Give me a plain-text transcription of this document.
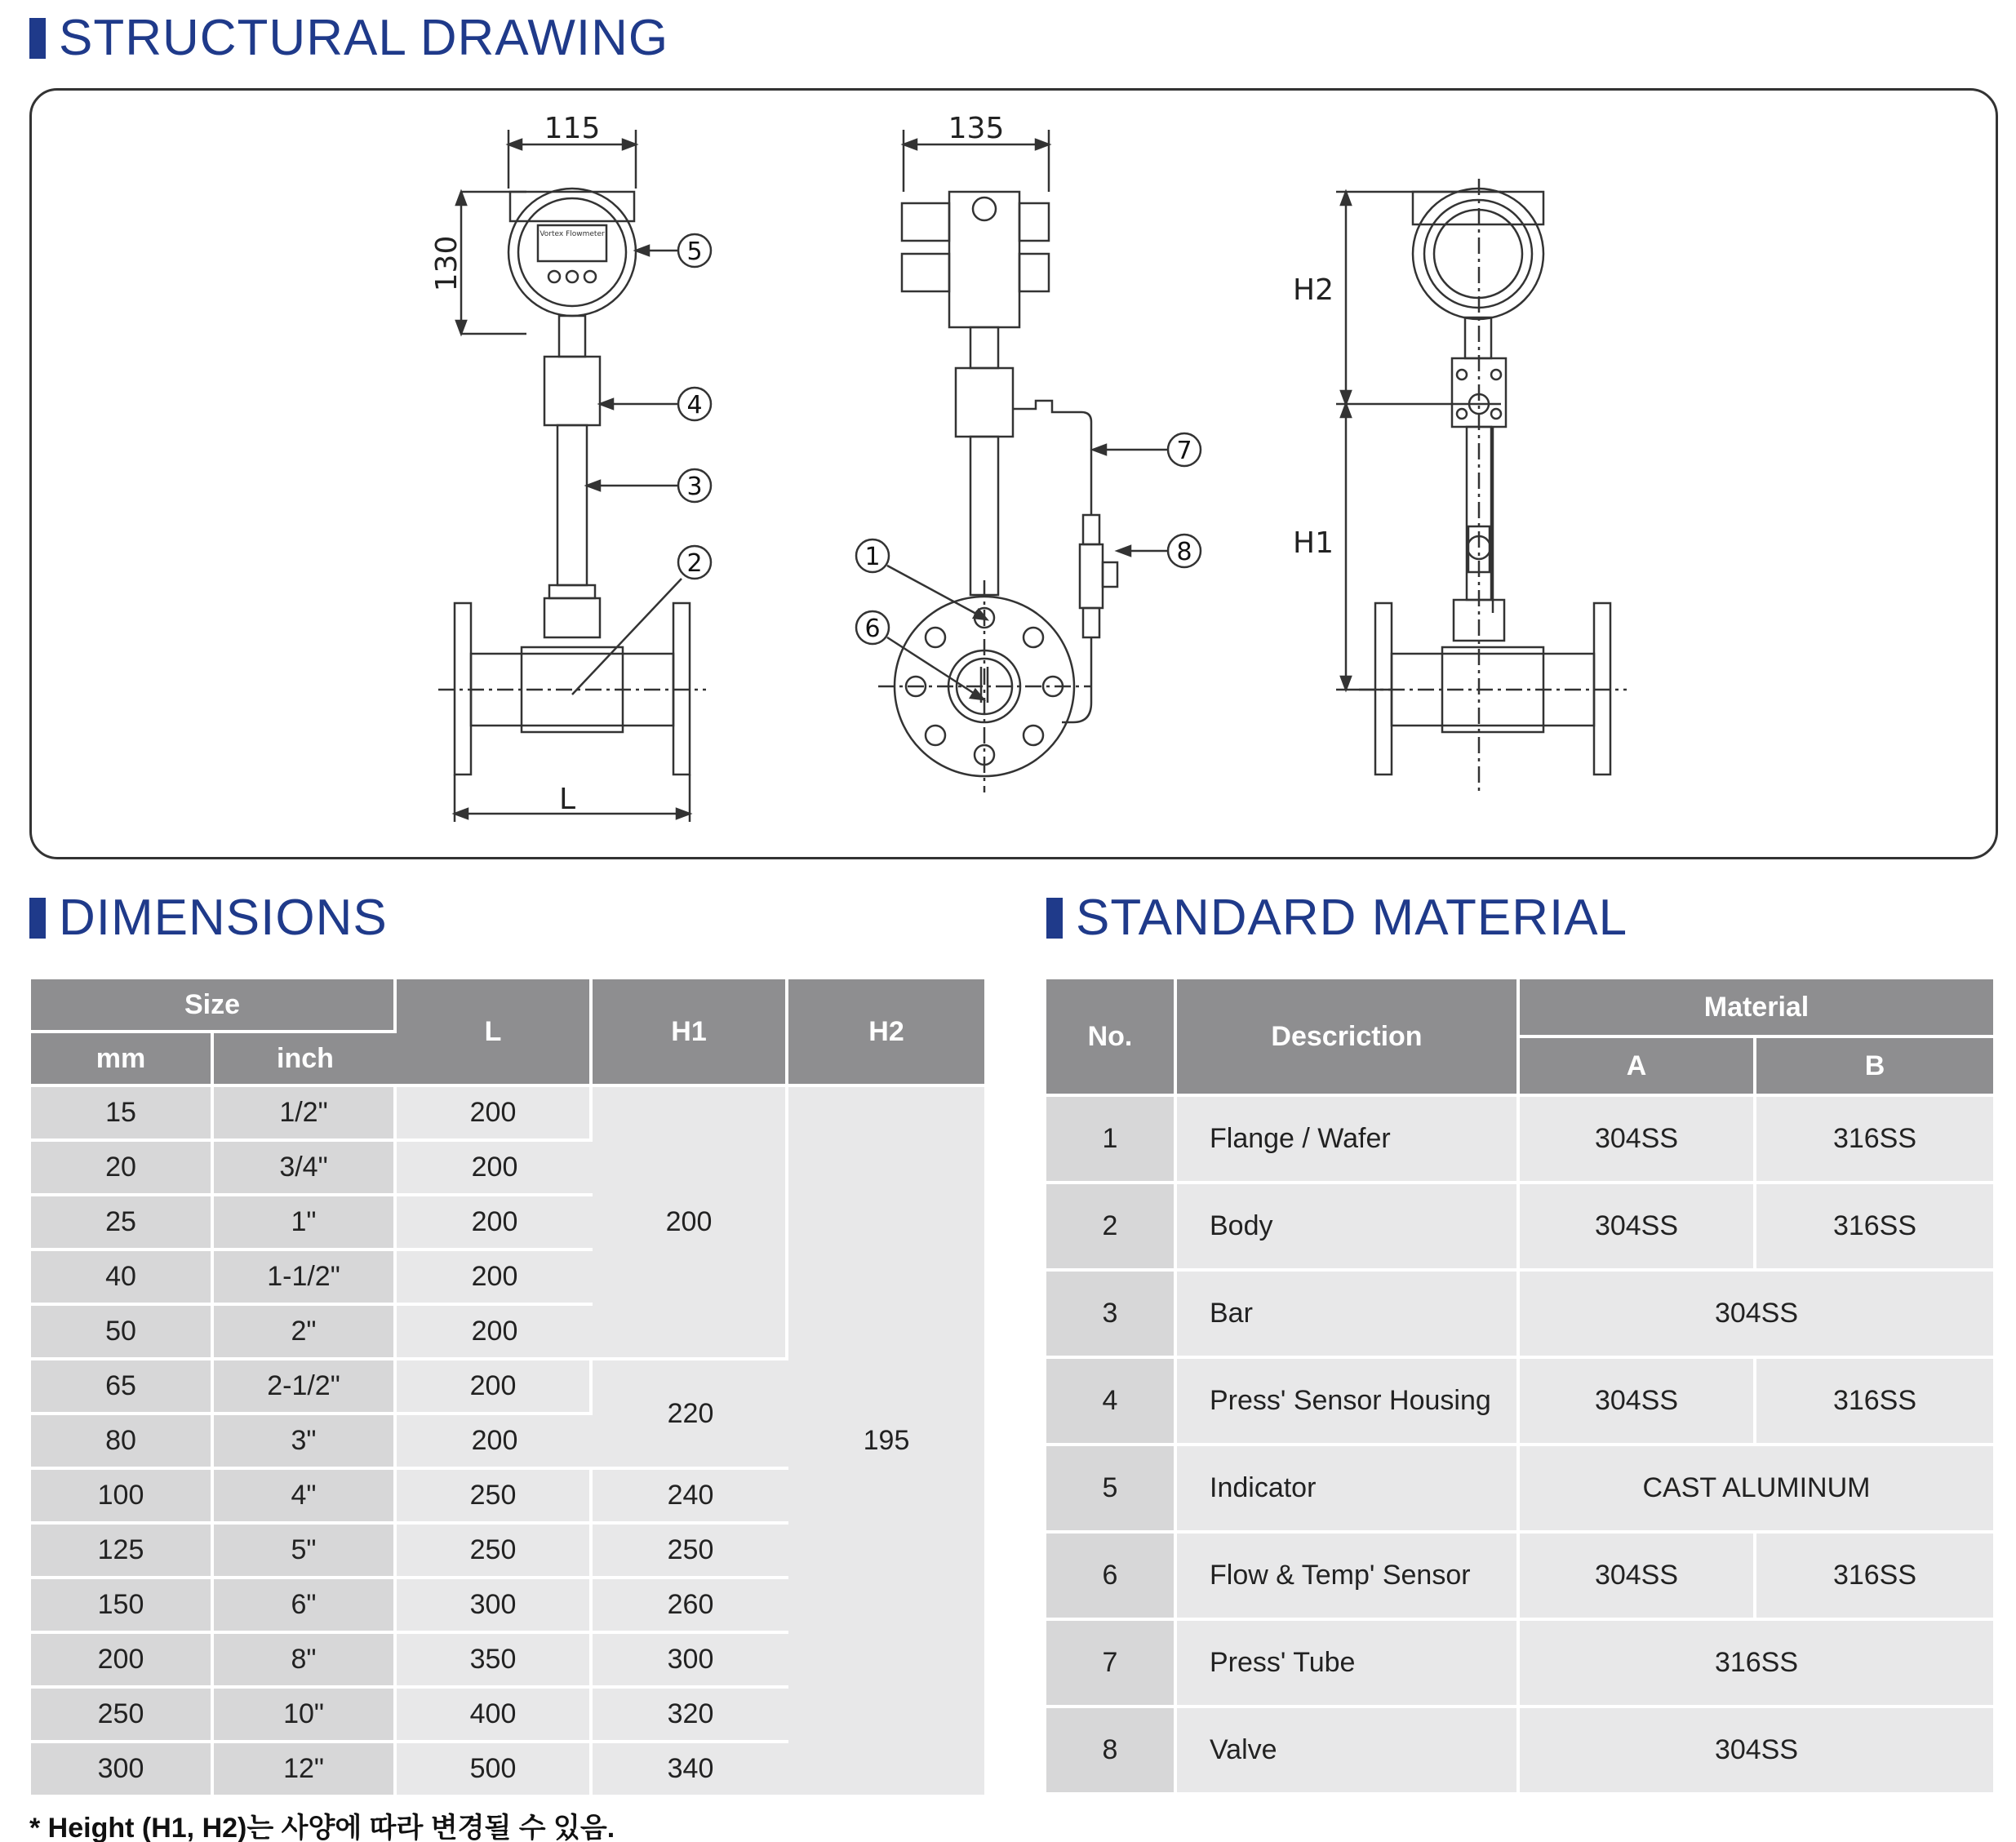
STRUCTURAL DRAWING
115
130
Vortex Flowmeter
L
5
4
3
2
135
1
6
7
8
H2
H1
DIMENSIONS	STANDARD MATERIAL
Size		L	H1	H2
mm	inch			
15	1/2"	200	200	195
20	3/4"	200		
25	1"	200		
40	1-1/2"	200		
50	2"	200		
65	2-1/2"	200	220	
80	3"	200		
100	4"	250	240	
125	5"	250	250	
150	6"	300	260	
200	8"	350	300	
250	10"	400	320	
300	12"	500	340	
No.	Descriction	Material	
		A	B
1	Flange / Wafer	304SS	316SS
2	Body	304SS	316SS
3	Bar	304SS	
4	Press' Sensor Housing	304SS	316SS
5	Indicator	CAST ALUMINUM	
6	Flow & Temp' Sensor	304SS	316SS
7	Press' Tube	316SS	
8	Valve	304SS	
* Height (H1, H2)는 사양에 따라 변경될 수 있음.
